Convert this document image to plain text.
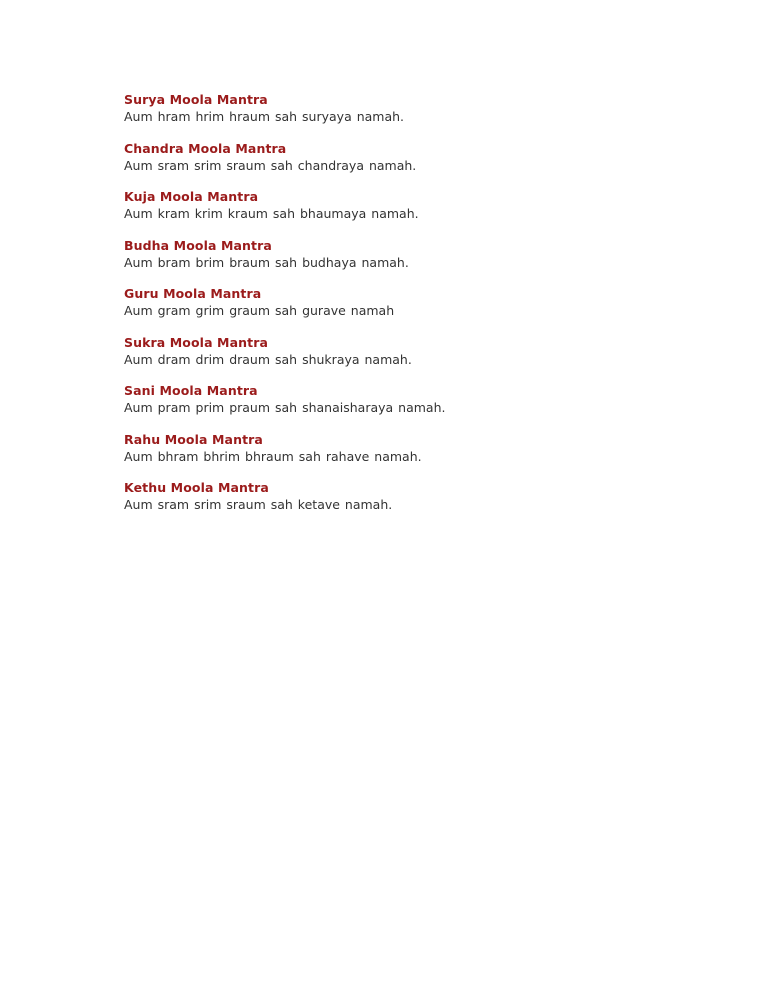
Surya Moola Mantra
Aum hram hrim hraum sah suryaya namah.
Chandra Moola Mantra
Aum sram srim sraum sah chandraya namah.
Kuja Moola Mantra
Aum kram krim kraum sah bhaumaya namah.
Budha Moola Mantra
Aum bram brim braum sah budhaya namah.
Guru Moola Mantra
Aum gram grim graum sah gurave namah
Sukra Moola Mantra
Aum dram drim draum sah shukraya namah.
Sani Moola Mantra
Aum pram prim praum sah shanaisharaya namah.
Rahu Moola Mantra
Aum bhram bhrim bhraum sah rahave namah.
Kethu Moola Mantra
Aum sram srim sraum sah ketave namah.
